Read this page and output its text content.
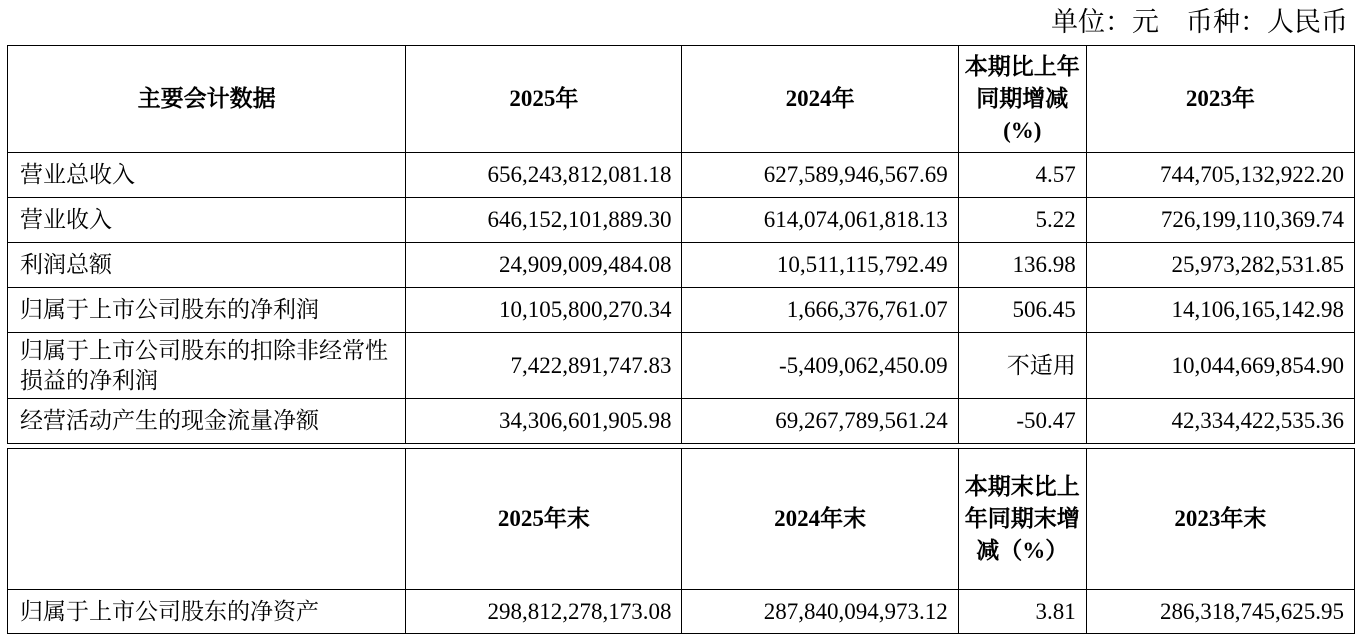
单位：元    币种：人民币
主要会计数据	2025年	2024年	本期比上年同期增减(%)	2023年
营业总收入	656,243,812,081.18	627,589,946,567.69	4.57	744,705,132,922.20
营业收入	646,152,101,889.30	614,074,061,818.13	5.22	726,199,110,369.74
利润总额	24,909,009,484.08	10,511,115,792.49	136.98	25,973,282,531.85
归属于上市公司股东的净利润	10,105,800,270.34	1,666,376,761.07	506.45	14,106,165,142.98
归属于上市公司股东的扣除非经常性损益的净利润	7,422,891,747.83	-5,409,062,450.09	不适用	10,044,669,854.90
经营活动产生的现金流量净额	34,306,601,905.98	69,267,789,561.24	-50.47	42,334,422,535.36
	2025年末	2024年末	本期末比上年同期末增减（%）	2023年末
归属于上市公司股东的净资产	298,812,278,173.08	287,840,094,973.12	3.81	286,318,745,625.95
